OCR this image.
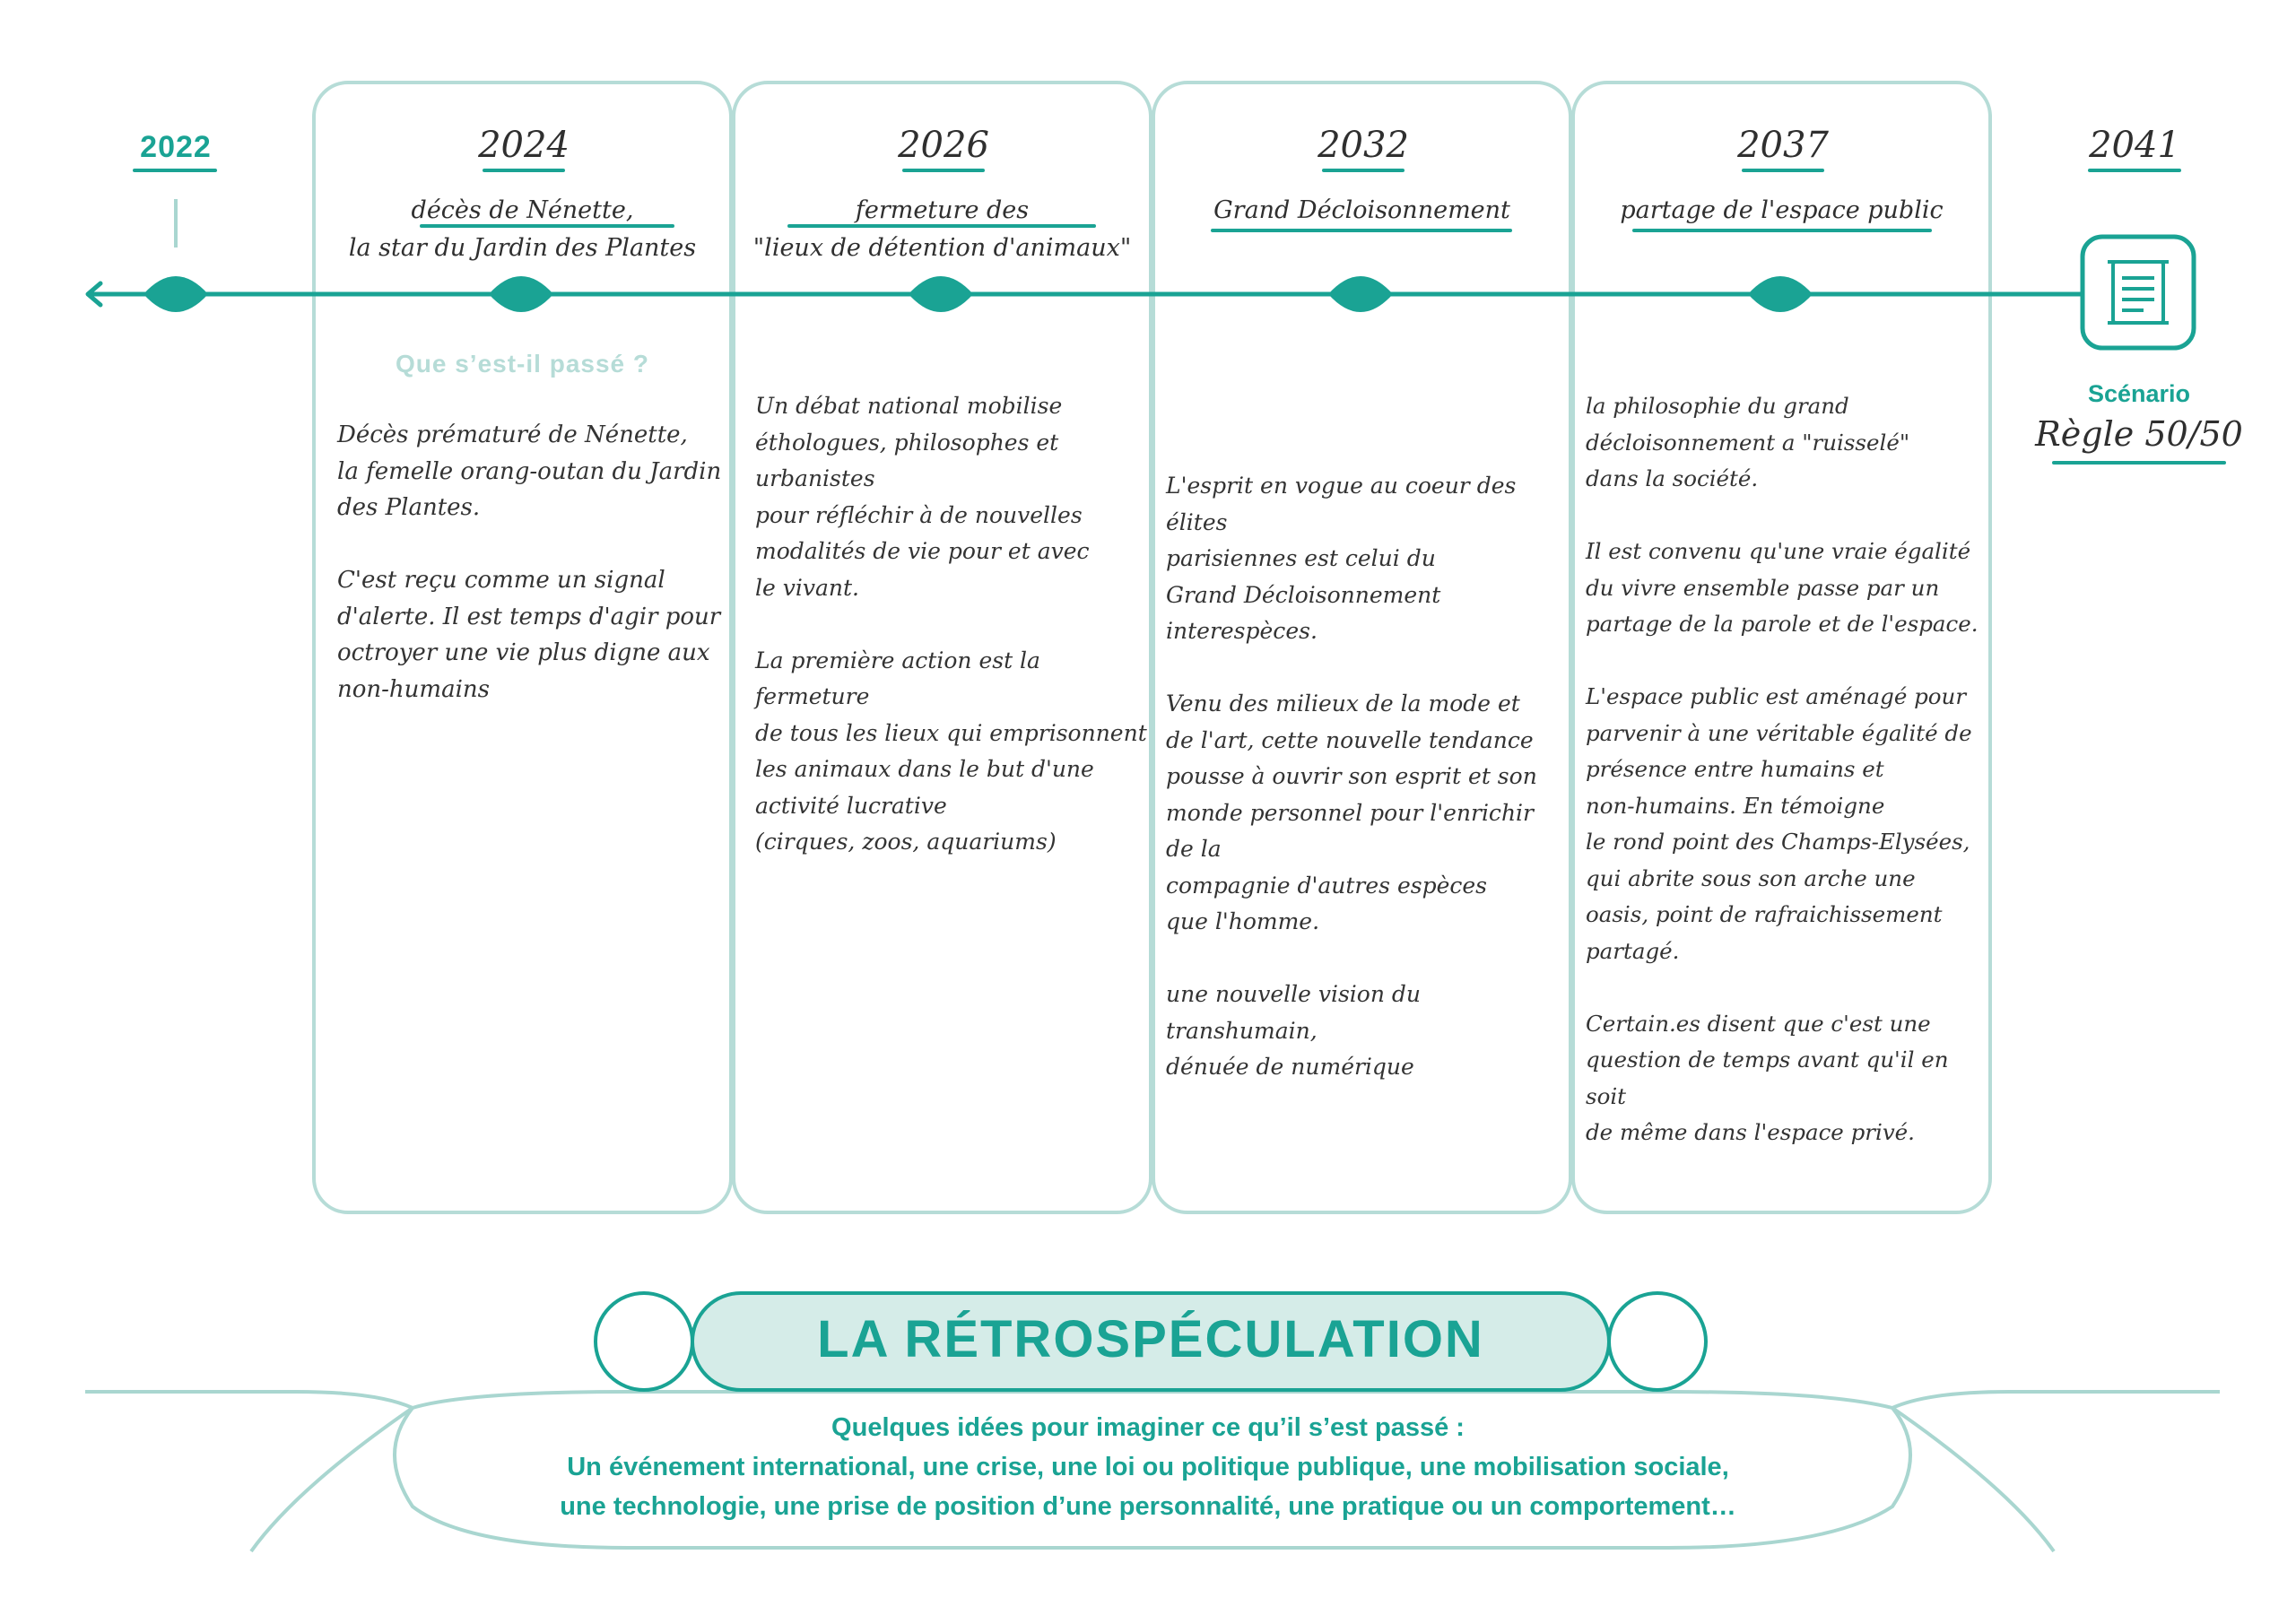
2022	2024	2026	2032	2037	2041
décès de Nénette,
la star du Jardin des Plantes
fermeture des
"lieux de détention d'animaux"
Grand Décloisonnement	partage de l'espace public
Que s’est-il passé ?
Décès prématuré de Nénette,
la femelle orang-outan du Jardin
des Plantes.

C'est reçu comme un signal
d'alerte. Il est temps d'agir pour
octroyer une vie plus digne aux
non-humains
Un débat national mobilise
éthologues, philosophes et urbanistes
pour réfléchir à de nouvelles
modalités de vie pour et avec
le vivant.

La première action est la fermeture
de tous les lieux qui emprisonnent
les animaux dans le but d'une
activité lucrative
(cirques, zoos, aquariums)
L'esprit en vogue au coeur des élites
parisiennes est celui du
Grand Décloisonnement interespèces.

Venu des milieux de la mode et
de l'art, cette nouvelle tendance
pousse à ouvrir son esprit et son
monde personnel pour l'enrichir de la
compagnie d'autres espèces
que l'homme.

une nouvelle vision du transhumain,
dénuée de numérique
la philosophie du grand
décloisonnement a "ruisselé"
dans la société.

Il est convenu qu'une vraie égalité
du vivre ensemble passe par un
partage de la parole et de l'espace.

L'espace public est aménagé pour
parvenir à une véritable égalité de
présence entre humains et
non-humains. En témoigne
le rond point des Champs-Elysées,
qui abrite sous son arche une
oasis, point de rafraichissement partagé.

Certain.es disent que c'est une
question de temps avant qu'il en soit
de même dans l'espace privé.
Scénario
Règle 50/50
LA RÉTROSPÉCULATION
Quelques idées pour imaginer ce qu’il s’est passé :
Un événement international, une crise, une loi ou politique publique, une mobilisation sociale,
une technologie, une prise de position d’une personnalité, une pratique ou un comportement…
